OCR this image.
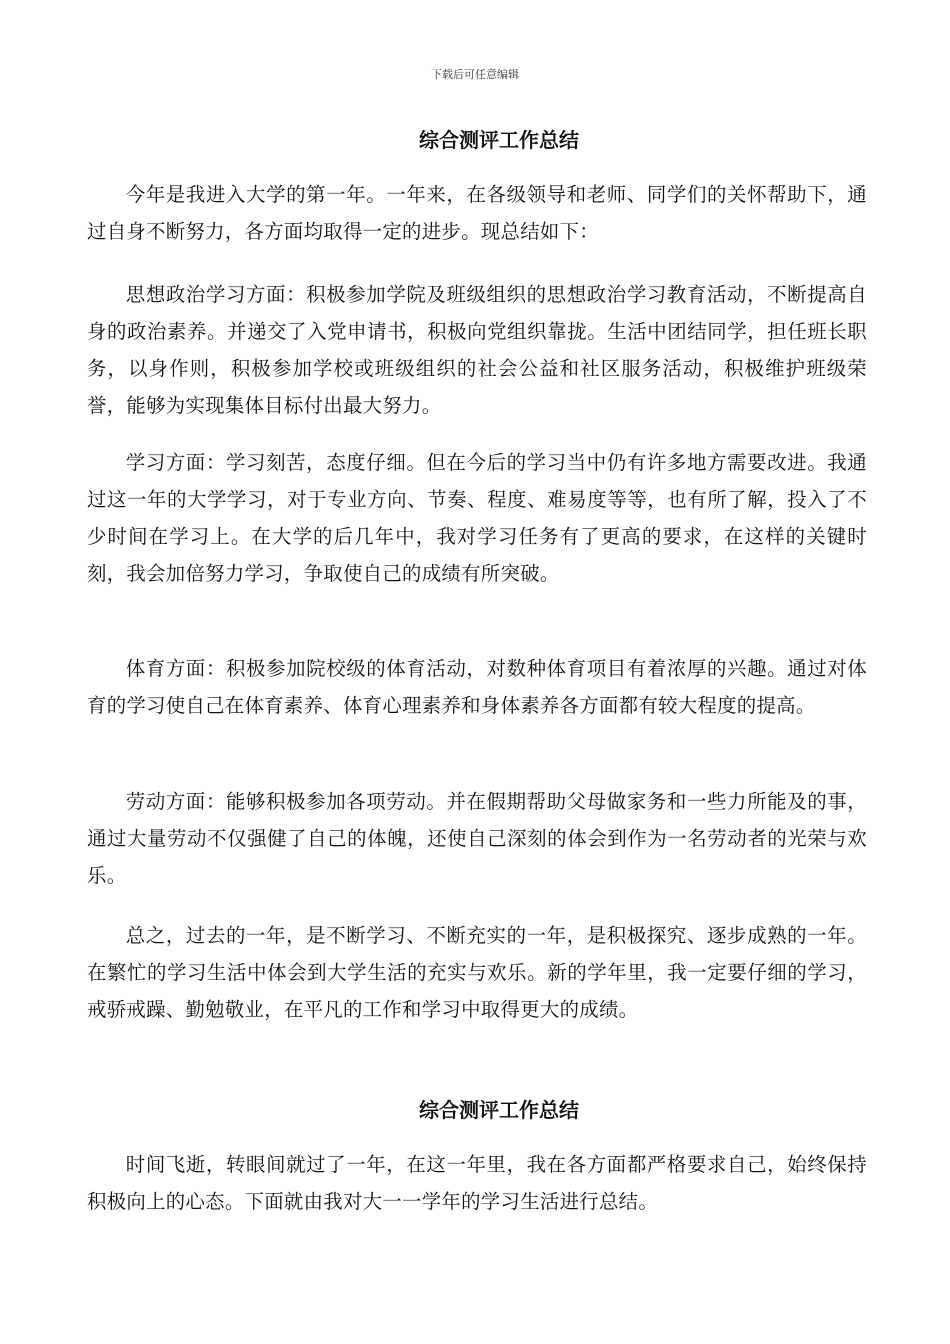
下载后可任意编辑
综合测评工作总结

今年是我进入大学的第一年。一年来，在各级领导和老师、同学们的关怀帮助下，通过自身不断努力，各方面均取得一定的进步。现总结如下：

思想政治学习方面：积极参加学院及班级组织的思想政治学习教育活动，不断提高自身的政治素养。并递交了入党申请书，积极向党组织靠拢。生活中团结同学，担任班长职务，以身作则，积极参加学校或班级组织的社会公益和社区服务活动，积极维护班级荣誉，能够为实现集体目标付出最大努力。

学习方面：学习刻苦，态度仔细。但在今后的学习当中仍有许多地方需要改进。我通过这一年的大学学习，对于专业方向、节奏、程度、难易度等等，也有所了解，投入了不少时间在学习上。在大学的后几年中，我对学习任务有了更高的要求，在这样的关键时刻，我会加倍努力学习，争取使自己的成绩有所突破。

体育方面：积极参加院校级的体育活动，对数种体育项目有着浓厚的兴趣。通过对体育的学习使自己在体育素养、体育心理素养和身体素养各方面都有较大程度的提高。

劳动方面：能够积极参加各项劳动。并在假期帮助父母做家务和一些力所能及的事，通过大量劳动不仅强健了自己的体魄，还使自己深刻的体会到作为一名劳动者的光荣与欢乐。

总之，过去的一年，是不断学习、不断充实的一年，是积极探究、逐步成熟的一年。在繁忙的学习生活中体会到大学生活的充实与欢乐。新的学年里，我一定要仔细的学习，戒骄戒躁、勤勉敬业，在平凡的工作和学习中取得更大的成绩。

综合测评工作总结

时间飞逝，转眼间就过了一年，在这一年里，我在各方面都严格要求自己，始终保持积极向上的心态。下面就由我对大一一学年的学习生活进行总结。
